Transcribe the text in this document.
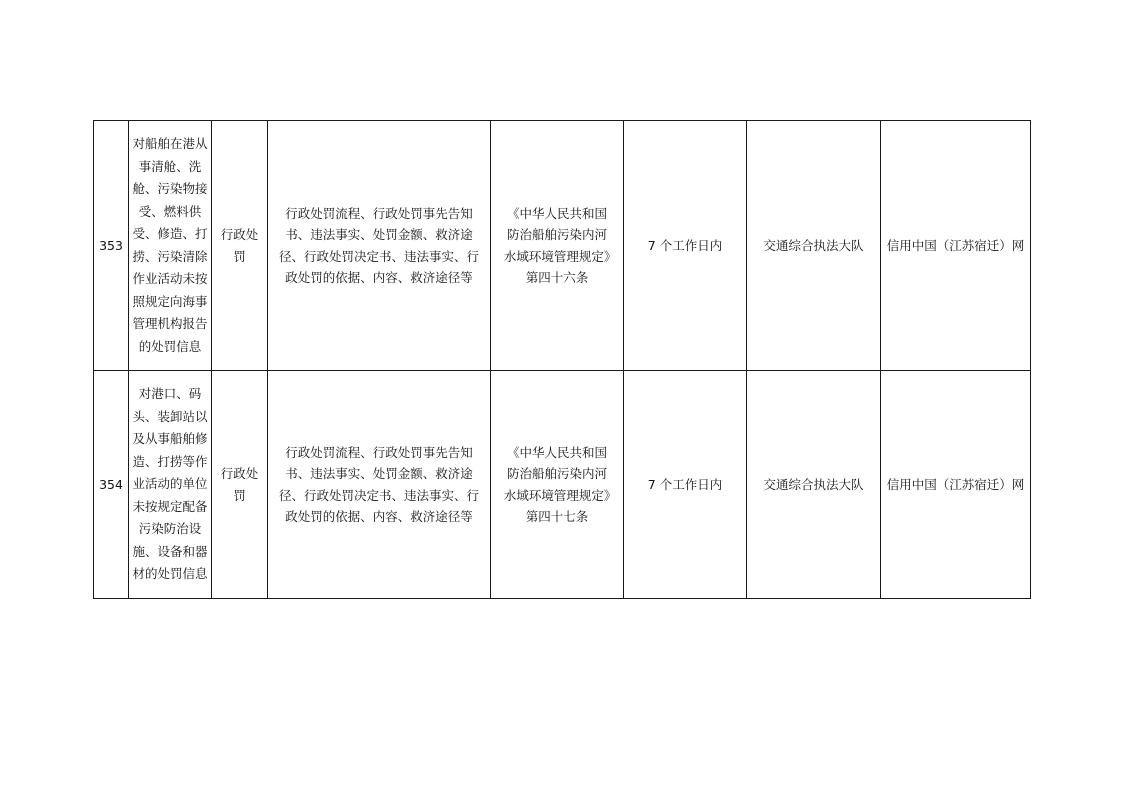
353	对船舶在港从事清舱、洗舱、污染物接受、燃料供受、修造、打捞、污染清除作业活动未按照规定向海事管理机构报告的处罚信息	行政处罚	行政处罚流程、行政处罚事先告知书、违法事实、处罚金额、救济途径、行政处罚决定书、违法事实、行政处罚的依据、内容、救济途径等	《中华人民共和国防治船舶污染内河水域环境管理规定》第四十六条	7 个工作日内	交通综合执法大队	信用中国（江苏宿迁）网
354	对港口、码头、装卸站以及从事船舶修造、打捞等作业活动的单位未按规定配备污染防治设施、设备和器材的处罚信息	行政处罚	行政处罚流程、行政处罚事先告知书、违法事实、处罚金额、救济途径、行政处罚决定书、违法事实、行政处罚的依据、内容、救济途径等	《中华人民共和国防治船舶污染内河水域环境管理规定》第四十七条	7 个工作日内	交通综合执法大队	信用中国（江苏宿迁）网
